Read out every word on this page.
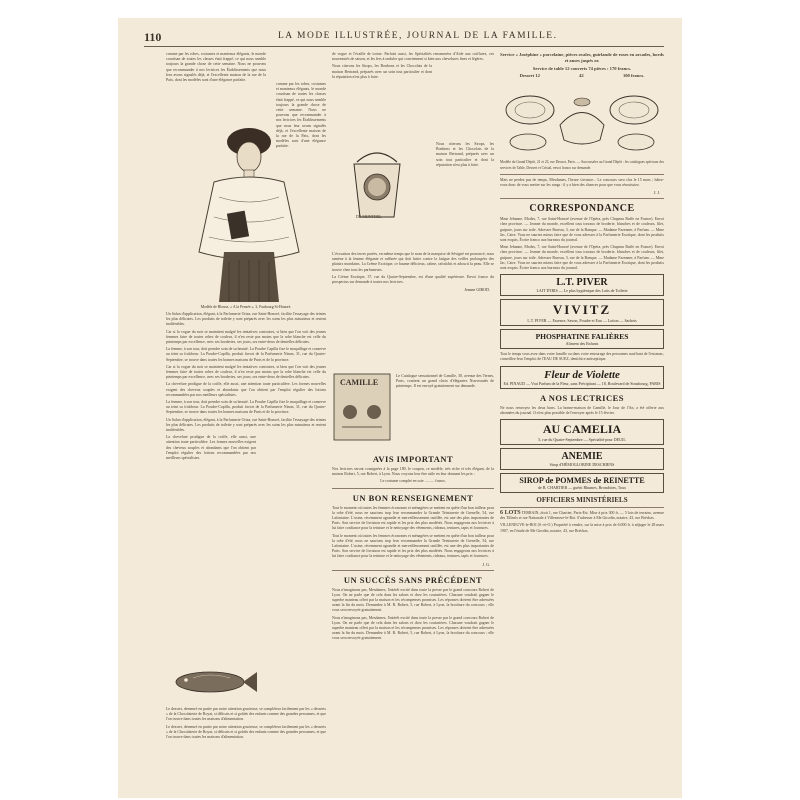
110	LA MODE ILLUSTRÉE, JOURNAL DE LA FAMILLE.

comme par les robes, costumes et manteaux élégants, le monde courtisan de toutes les classes était frappé, ce qui nous semble toujours la grande chose de cette semaine. Nous ne pouvons que recommander à nos lectrices les Établissements que nous leur avons signalés déjà, et l'excellente maison de la rue de la Paix, dont les modèles sont d'une élégance parfaite.

comme par les robes, costumes et manteaux élégants, le monde courtisan de toutes les classes était frappé, ce qui nous semble toujours la grande chose de cette semaine. Nous ne pouvons que recommander à nos lectrices les Établissements que nous leur avons signalés déjà, et l'excellente maison de la rue de la Paix, dont les modèles sont d'une élégance parfaite.

Modèle de Blouse, « A la Pensée », 3, Faubourg St-Honoré.

Un Salon d'application, élégant, à la Parfumerie Oriza, rue Saint-Honoré, facilite l'essayage des teintes les plus délicates. Les produits de toilette y sont préparés avec les soins les plus minutieux et restent inaltérables.

Car si la vogue du noir se maintient malgré les tentatives contraires, si bien que l'on voit des jeunes femmes faire de toutes robes de couleur, il n'en reste pas moins que la robe blanche est celle du printemps par excellence, avec ses broderies, ses jours, ses entre-deux de dentelles délicates.

La femme, à son tour, doit prendre soin de sa beauté. La Poudre Capilla fixe le maquillage et conserve au teint sa fraîcheur. La Poudre-Capilla, produit favori de la Parfumerie Ninon, 31, rue du Quatre-Septembre, se trouve dans toutes les bonnes maisons de Paris et de la province.

Car si la vogue du noir se maintient malgré les tentatives contraires, si bien que l'on voit des jeunes femmes faire de toutes robes de couleur, il n'en reste pas moins que la robe blanche est celle du printemps par excellence, avec ses broderies, ses jours, ses entre-deux de dentelles délicates.

La chevelure prodigue de la coiffe, elle aussi, une attention toute particulière. Les formes nouvelles exigent des cheveux souples et abondants que l'on obtient par l'emploi régulier des lotions recommandées par nos meilleurs spécialistes.

La femme, à son tour, doit prendre soin de sa beauté. La Poudre Capilla fixe le maquillage et conserve au teint sa fraîcheur. La Poudre-Capilla, produit favori de la Parfumerie Ninon, 31, rue du Quatre-Septembre, se trouve dans toutes les bonnes maisons de Paris et de la province.

Un Salon d'application, élégant, à la Parfumerie Oriza, rue Saint-Honoré, facilite l'essayage des teintes les plus délicates. Les produits de toilette y sont préparés avec les soins les plus minutieux et restent inaltérables.

La chevelure prodigue de la coiffe, elle aussi, une attention toute particulière. Les formes nouvelles exigent des cheveux souples et abondants que l'on obtient par l'emploi régulier des lotions recommandées par nos meilleurs spécialistes.

Le dessert, demeuré en partie par notre attention gracieuse, se complétera facilement par les « desserts » de la Chocolaterie de Royat, si délicats et si goûtés des enfants comme des grandes personnes, et que l'on trouve dans toutes les maisons d'alimentation.

Le dessert, demeuré en partie par notre attention gracieuse, se complétera facilement par les « desserts » de la Chocolaterie de Royat, si délicats et si goûtés des enfants comme des grandes personnes, et que l'on trouve dans toutes les maisons d'alimentation.

de vogue et l'écaille de tortue. Parfaits aussi, les Spécialités renommées d'Aide aux coiffures, ces nouveautés de saison, et les fers à onduler qui conviennent si bien aux chevelures fines et légères.

Nous citerons les Sirops, les Bonbons et les Chocolats de la maison Bertrand, préparés avec un soin tout particulier et dont la réputation n'est plus à faire.

DE MONTBEL

Nous citerons les Sirops, les Bonbons et les Chocolats de la maison Bertrand, préparés avec un soin tout particulier et dont la réputation n'est plus à faire.

L'évocation des terres parées, en même temps que le nom de la marquise de Sévigné est prononcé, nous ramène à la femme élégante et raffinée qui doit lutter contre la fatigue des veilles prolongées des plaisirs mondains. La Crème Exotique, ce baume délicieux, calme, rafraîchit et adoucit la peau. Elle se trouve chez tous les parfumeurs.

La Crème Exotique, 37, rue du Quatre-Septembre, est d'une qualité supérieure. Envoi franco du prospectus sur demande à toutes nos lectrices.

Jeanne GIROD.
CAMILLE

Le Catalogue sensationnel de Camille, 30, avenue des Ternes, Paris, contient un grand choix d'élégantes Nouveautés de printemps. Il est envoyé gratuitement sur demande.

AVIS IMPORTANT

Nos lectrices seront consignées à la page 180, le coupon, ce modèle, très riche et très élégant, de la maison Robert, 5, rue Robert, à Lyon. Nous croyons leur être utile en leur donnant les prix :

Le costume complet en soie .......... francs.

UN BON RENSEIGNEMENT

Tout le moment où toutes les femmes économes et ménagères se mettent en quête d'un bon tailleur pour la robe d'été, nous ne saurions trop leur recommander la Grande Teinturerie de Grenelle, 54, rue Lafontaine. L'usine, récemment agrandie et merveilleusement outillée, est une des plus importantes de Paris. Son service de livraison est rapide et les prix des plus modérés. Nous engageons nos lectrices à lui faire confiance pour la teinture et le nettoyage des vêtements, rideaux, tentures, tapis et fourrures.

Tout le moment où toutes les femmes économes et ménagères se mettent en quête d'un bon tailleur pour la robe d'été, nous ne saurions trop leur recommander la Grande Teinturerie de Grenelle, 54, rue Lafontaine. L'usine, récemment agrandie et merveilleusement outillée, est une des plus importantes de Paris. Son service de livraison est rapide et les prix des plus modérés. Nous engageons nos lectrices à lui faire confiance pour la teinture et le nettoyage des vêtements, rideaux, tentures, tapis et fourrures.

J. G.
UN SUCCÈS SANS PRÉCÉDENT

Nous n'imaginons pas, Mesdames, l'intérêt excité dans toute la presse par le grand concours Robert de Lyon. On ne parle que de cela dans les salons et chez les couturières. Chacune voudrait gagner le superbe manteau offert par la maison et les récompenses promises. Les réponses doivent être adressées avant la fin du mois. Demandez à M. R. Robert, 5, rue Robert, à Lyon, la brochure du concours ; elle vous sera envoyée gratuitement.

Nous n'imaginons pas, Mesdames, l'intérêt excité dans toute la presse par le grand concours Robert de Lyon. On ne parle que de cela dans les salons et chez les couturières. Chacune voudrait gagner le superbe manteau offert par la maison et les récompenses promises. Les réponses doivent être adressées avant la fin du mois. Demandez à M. R. Robert, 5, rue Robert, à Lyon, la brochure du concours ; elle vous sera envoyée gratuitement.

Service « Joséphine » porcelaine, pièces ovales, guirlande de roses en arcades, bords et anses jaspés or.
Service de table 12 couverts 74 pièces : 170 francs.
Dessert 12	42	100 francs.

Modèle du Grand Dépôt, 21 et 23, rue Drouot, Paris. — Succursales au Grand Dépôt : les catalogues spéciaux des services de Table, Dessert et Cristal, envoi franco sur demande.

Mais ne perdez pas de temps, Mesdames, l'heure s'avance... Le concours sera clos le 15 mars ; hâtez-vous donc de vous mettre sur les rangs : il y a bien des chances pour que vous réussissiez.

J. J.
CORRESPONDANCE

Mme Jehanne, Modes, 7, rue Saint-Honoré (avenue de l'Opéra, près Chapeau Ruffe en France). Envoi chez province. — Jeanne du monde, excellent tous travaux de broderie, blanches et de couleurs, filet, guipure, jours sur toile. Adresser Bureau, 3, rue de la Banque. — Madame Fazenner, à Parfum. — Mme Jac, Caire. Vous ne sauriez mieux faire que de vous adresser à la Parfumerie Exotique, dont les produits sont exquis. Écrire franco aux bureaux du journal.

Mme Jehanne, Modes, 7, rue Saint-Honoré (avenue de l'Opéra, près Chapeau Ruffe en France). Envoi chez province. — Jeanne du monde, excellent tous travaux de broderie, blanches et de couleurs, filet, guipure, jours sur toile. Adresser Bureau, 3, rue de la Banque. — Madame Fazenner, à Parfum. — Mme Jac, Caire. Vous ne sauriez mieux faire que de vous adresser à la Parfumerie Exotique, dont les produits sont exquis. Écrire franco aux bureaux du journal.

L.T. PIVER
LAIT D'IRIS — Le plus hygiénique des Laits de Toilette
VIVITZ
L.T. PIVER — Essence, Savon, Poudre et Eau — Lotion — Sachets
PHOSPHATINE FALIÈRES
Aliment des Enfants

Tout le temps vous avez dans votre famille ou dans votre entourage des personnes souffrant de l'estomac, conseillez-leur l'emploi de l'EAU DE SUEZ, dentifrice antiseptique.

Fleur de Violette
Ed. PINAUD — Vrai Parfum de la Fleur, sans Précipitant — 18, Boulevard de Strasbourg, PARIS
A NOS LECTRICES

Ne nous renvoyez les deux bons. La bonne-maison de Camille, le Jour de l'An, a été offerte aux abonnées du journal. Il n'est plus possible de l'envoyer après le 15 février.

AU CAMELIA
5, rue du Quatre-Septembre — Spécialité pour DEUIL
ANEMIE
Sirop d'HÉMOGLOBINE DESCHIENS
SIROP de POMMES de REINETTE
de B. CHARTIER — guérit Rhumes, Bronchites, Toux
OFFICIERS MINISTÉRIELS

6 LOTS TERRAIN, droit 1, rue Chartier, Paris-Est. Mise à prix 300 fr. — 5 lots de terrains, avenue des Tilleuls et rue Nationale à Villeneuve-le-Roi. S'adresser à Me Girodin, notaire, 43, rue Bréchas.

VILLENEUVE-le-ROI (S.-et-O.) Propriété à vendre, sur la mise à prix de 6.000 fr. à adjuger le 28 mars 1907, en l'étude de Me Girodin, notaire, 43, rue Bréchas.
